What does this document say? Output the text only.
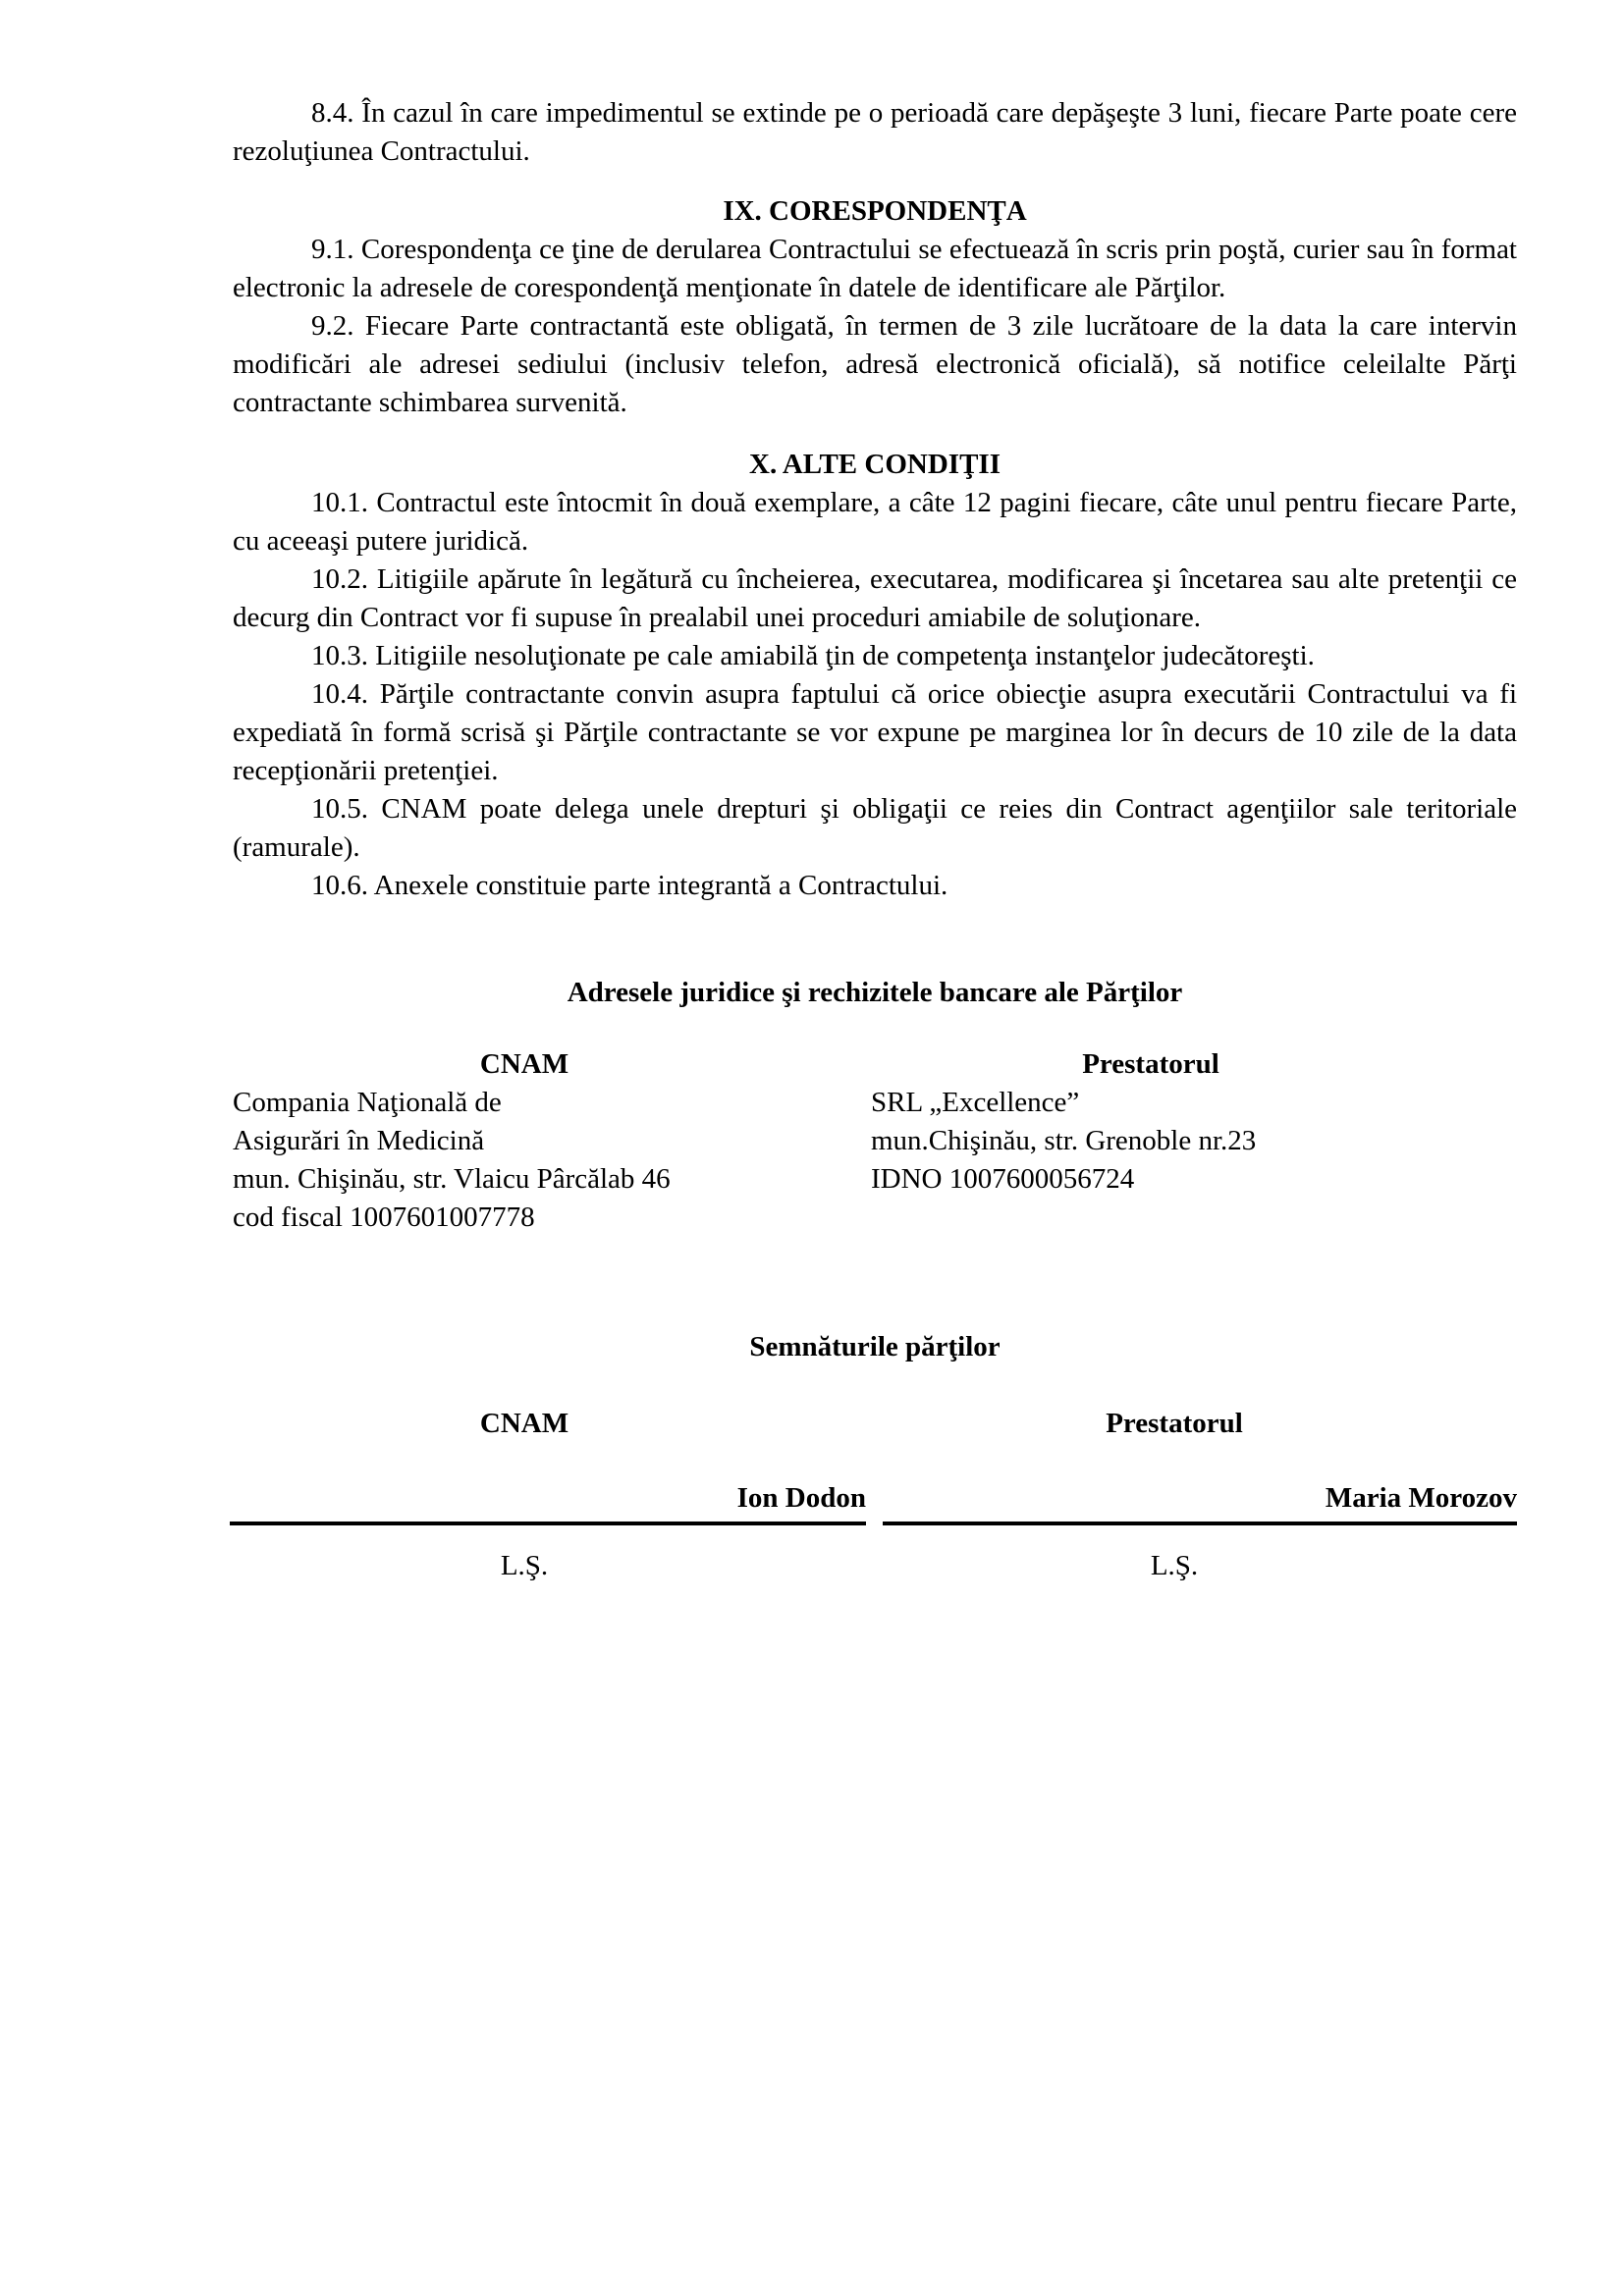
8.4. În cazul în care impedimentul se extinde pe o perioadă care depăşeşte 3 luni, fiecare Parte poate cere rezoluţiunea Contractului.

IX. CORESPONDENŢA

9.1. Corespondenţa ce ţine de derularea Contractului se efectuează în scris prin poştă, curier sau în format electronic la adresele de corespondenţă menţionate în datele de identificare ale Părţilor.

9.2. Fiecare Parte contractantă este obligată, în termen de 3 zile lucrătoare de la data la care intervin modificări ale adresei sediului (inclusiv telefon, adresă electronică oficială), să notifice celeilalte Părţi contractante schimbarea survenită.

X. ALTE CONDIŢII

10.1. Contractul este întocmit în două exemplare, a câte 12 pagini fiecare, câte unul pentru fiecare Parte, cu aceeaşi putere juridică.

10.2. Litigiile apărute în legătură cu încheierea, executarea, modificarea şi încetarea sau alte pretenţii ce decurg din Contract vor fi supuse în prealabil unei proceduri amiabile de soluţionare.

10.3. Litigiile nesoluţionate pe cale amiabilă ţin de competenţa instanţelor judecătoreşti.

10.4. Părţile contractante convin asupra faptului că orice obiecţie asupra executării Contractului va fi expediată în formă scrisă şi Părţile contractante se vor expune pe marginea lor în decurs de 10 zile de la data recepţionării pretenţiei.

10.5. CNAM poate delega unele drepturi şi obligaţii ce reies din Contract agenţiilor sale teritoriale (ramurale).

10.6. Anexele constituie parte integrantă a Contractului.

Adresele juridice şi rechizitele bancare ale Părţilor
CNAM
Compania Naţională de
Asigurări în Medicină
mun. Chişinău, str. Vlaicu Pârcălab 46
cod fiscal 1007601007778
Prestatorul
SRL „Excellence”
mun.Chişinău, str. Grenoble nr.23
IDNO 1007600056724
Semnăturile părţilor
CNAM	Prestatorul
Ion Dodon	Maria Morozov
L.Ş.	L.Ş.
